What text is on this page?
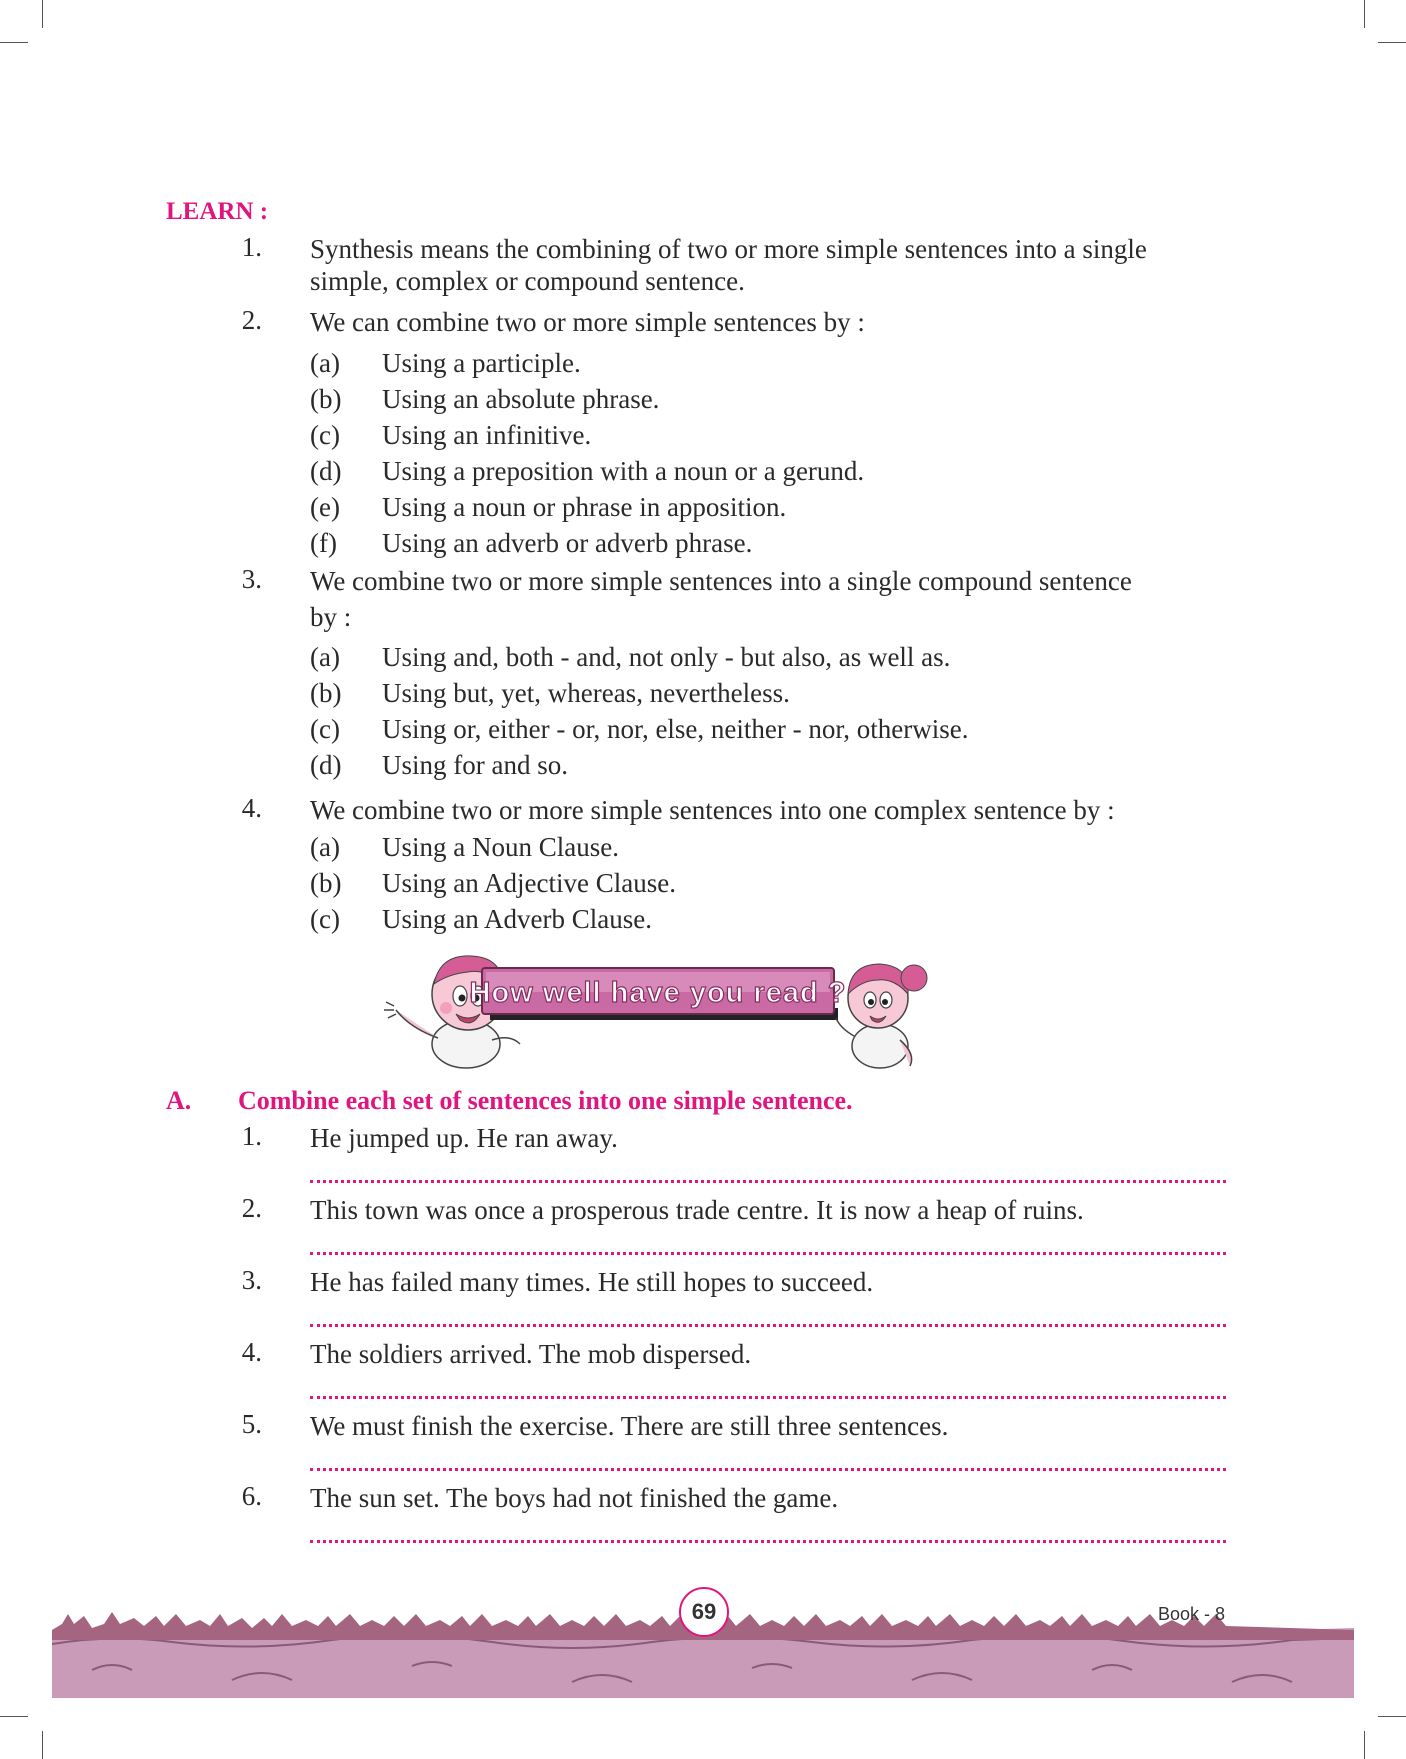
LEARN :
1. Synthesis means the combining of two or more simple sentences into a single
simple, complex or compound sentence.
2. We can combine two or more simple sentences by :
(a) Using a participle.
(b) Using an absolute phrase.
(c) Using an infinitive.
(d) Using a preposition with a noun or a gerund.
(e) Using a noun or phrase in apposition.
(f) Using an adverb or adverb phrase.
3. We combine two or more simple sentences into a single compound sentence
by :
(a) Using and, both - and, not only - but also, as well as.
(b) Using but, yet, whereas, nevertheless.
(c) Using or, either - or, nor, else, neither - nor, otherwise.
(d) Using for and so.
4. We combine two or more simple sentences into one complex sentence by :
(a) Using a Noun Clause.
(b) Using an Adjective Clause.
(c) Using an Adverb Clause.
How well have you read ?
A. Combine each set of sentences into one simple sentence.
1. He jumped up. He ran away.
2. This town was once a prosperous trade centre. It is now a heap of ruins.
3. He has failed many times. He still hopes to succeed.
4. The soldiers arrived. The mob dispersed.
5. We must finish the exercise. There are still three sentences.
6. The sun set. The boys had not finished the game.
69	Book - 8
